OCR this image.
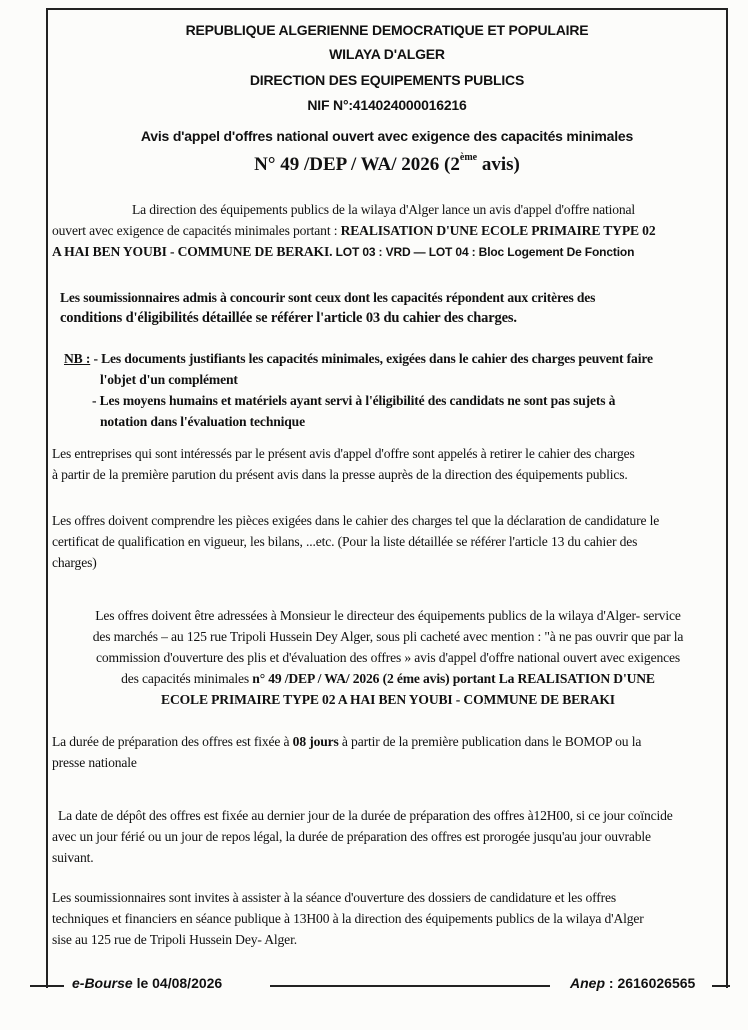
REPUBLIQUE ALGERIENNE DEMOCRATIQUE ET POPULAIRE
WILAYA D'ALGER
DIRECTION DES EQUIPEMENTS PUBLICS
NIF N°:414024000016216
Avis d'appel d'offres national ouvert avec exigence des capacités minimales
N° 49 /DEP / WA/ 2026 (2ème avis)
La direction des équipements publics de la wilaya d'Alger lance un avis d'appel d'offre national
ouvert avec exigence de capacités minimales portant : REALISATION D'UNE ECOLE PRIMAIRE TYPE 02
A HAI BEN YOUBI - COMMUNE DE BERAKI. LOT 03 : VRD — LOT 04 : Bloc Logement De Fonction
Les soumissionnaires admis à concourir sont ceux dont les capacités répondent aux critères des
conditions d'éligibilités détaillée se référer l'article 03 du cahier des charges.
NB : - Les documents justifiants les capacités minimales, exigées dans le cahier des charges peuvent faire
l'objet d'un complément
- Les moyens humains et matériels ayant servi à l'éligibilité des candidats ne sont pas sujets à
notation dans l'évaluation technique
Les entreprises qui sont intéressés par le présent avis d'appel d'offre sont appelés à retirer le cahier des charges
à partir de la première parution du présent avis dans la presse auprès de la direction des équipements publics.
Les offres doivent comprendre les pièces exigées dans le cahier des charges tel que la déclaration de candidature le
certificat de qualification en vigueur, les bilans, ...etc. (Pour la liste détaillée se référer l'article 13 du cahier des
charges)
Les offres doivent être adressées à Monsieur le directeur des équipements publics de la wilaya d'Alger- service
des marchés – au 125 rue Tripoli Hussein Dey Alger, sous pli cacheté avec mention : "à ne pas ouvrir que par la
commission d'ouverture des plis et d'évaluation des offres » avis d'appel d'offre national ouvert avec exigences
des capacités minimales n° 49 /DEP / WA/ 2026 (2 éme avis) portant La REALISATION D'UNE
ECOLE PRIMAIRE TYPE 02 A HAI BEN YOUBI - COMMUNE DE BERAKI
La durée de préparation des offres est fixée à 08 jours à partir de la première publication dans le BOMOP ou la
presse nationale
La date de dépôt des offres est fixée au dernier jour de la durée de préparation des offres à12H00, si ce jour coïncide
avec un jour férié ou un jour de repos légal, la durée de préparation des offres est prorogée jusqu'au jour ouvrable
suivant.
Les soumissionnaires sont invites à assister à la séance d'ouverture des dossiers de candidature et les offres
techniques et financiers en séance publique à 13H00 à la direction des équipements publics de la wilaya d'Alger
sise au 125 rue de Tripoli Hussein Dey- Alger.
e-Bourse le 04/08/2026	Anep : 2616026565
